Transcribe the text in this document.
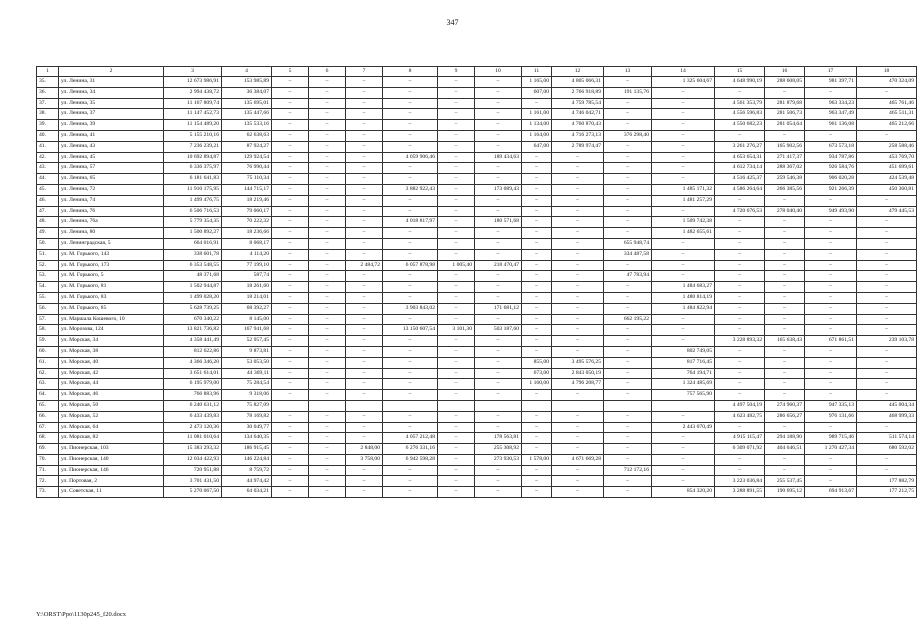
347
1	2	3	4	5	6	7	8	9	10	11	12	13	14	15	16	17	18
35.	ул. Ленина, 31	12 673 986,91	153 985,89	–	–	–	–	–	–	1 165,00	4 805 066,31	–	1 325 604,67	4 648 990,19	288 608,05	981 397,71	470 324,09
36.	ул. Ленина, 34	2 994 438,72	36 384,07	–	–	–	–	–	–	607,00	2 766 918,89	191 135,76	–	–	–	–	–
37.	ул. Ленина, 35	11 167 809,74	135 695,01	–	–	–	–	–	–	–	4 759 785,54	–	–	4 561 353,79	281 879,68	963 334,23	465 761,46
38.	ул. Ленина, 37	11 147 452,73	135 447,66	–	–	–	–	–	–	1 161,00	4 746 042,71	–	–	4 556 596,83	281 506,73	963 347,49	465 511,31
39.	ул. Ленина, 39	11 154 489,20	135 533,16	–	–	–	–	–	–	1 134,00	4 760 870,43	–	–	4 550 682,23	281 054,64	961 136,08	465 212,66
40.	ул. Ленина, 41	5 155 210,16	62 638,63	–	–	–	–	–	–	1 164,00	4 716 273,13	376 298,40	–	–	–	–	–
41.	ул. Ленина, 43	7 236 239,21	87 924,27	–	–	–	–	–	–	647,00	2 789 974,47	–	–	3 261 276,27	165 902,56	673 573,18	258 588,46
42.	ул. Ленина, 45	10 692 894,87	129 924,54	–	–	–	4 059 906,46	–	189 434,63	–	–	–	–	4 653 654,31	271 417,37	934 787,86	453 769,70
43.	ул. Ленина, 57	6 336 375,97	76 990,44	–	–	–	–	–	–	–	–	–	–	4 612 734,14	288 367,02	926 584,76	451 699,61
44.	ул. Ленина, 65	6 181 641,83	75 110,34	–	–	–	–	–	–	–	–	–	–	4 516 425,37	259 546,38	906 020,28	424 539,48
45.	ул. Ленина, 72	11 910 175,95	144 715,17	–	–	–	3 882 922,43	–	173 089,43	–	–	–	1 485 171,32	4 586 264,64	266 385,56	921 266,39	450 360,81
46.	ул. Ленина, 74	1 499 476,75	18 219,46	–	–	–	–	–	–	–	–	–	1 481 257,29	–	–	–	–
47.	ул. Ленина, 76	6 506 716,53	79 060,17	–	–	–	–	–	–	–	–	–	–	4 720 676,53	278 040,40	949 493,90	479 445,53
48.	ул. Ленина, 76а	5 779 354,35	70 222,32	–	–	–	4 018 817,97	–	180 571,68	–	–	–	1 509 742,38	–	–	–	–
49.	ул. Ленина, 80	1 500 892,27	18 236,66	–	–	–	–	–	–	–	–	–	1 482 655,61	–	–	–	–
50.	ул. Ленинградская, 5	664 016,91	8 068,17	–	–	–	–	–	–	–	–	655 948,74	–	–	–	–	–
51.	ул. М. Горького, 143	338 601,78	4 114,20	–	–	–	–	–	–	–	–	334 487,58	–	–	–	–	–
52.	ул. М. Горького, 173	6 353 548,55	77 199,10	–	–	2 484,72	6 057 878,98	1 005,40	218 470,47	–	–	–	–	–	–	–	–
53.	ул. М. Горького, 5	48 371,68	587,74	–	–	–	–	–	–	–	–	47 783,94	–	–	–	–	–
54.	ул. М. Горького, 81	1 502 944,87	18 261,60	–	–	–	–	–	–	–	–	–	1 484 683,27	–	–	–	–
55.	ул. М. Горького, 83	1 499 028,20	18 214,01	–	–	–	–	–	–	–	–	–	1 480 814,19	–	–	–	–
56.	ул. М. Горького, 85	5 628 739,25	68 392,27	–	–	–	3 903 843,02	–	171 681,12	–	–	–	1 484 822,94	–	–	–	–
57.	ул. Маршала Кошевого, 10	670 340,22	8 145,00	–	–	–	–	–	–	–	–	662 195,22	–	–	–	–	–
58.	ул. Морозова, 124	13 821 736,82	167 941,68	–	–	–	13 150 607,54	3 101,30	503 187,60	–	–	–	–	–	–	–	–
59.	ул. Морская, 34	4 358 441,49	52 957,45	–	–	–	–	–	–	–	–	–	–	3 228 893,32	165 638,43	671 861,51	239 103,78
60.	ул. Морская, 38	812 622,86	9 873,81	–	–	–	–	–	–	–	–	–	802 749,05	–	–	–	–
61.	ул. Морская, 40	4 366 346,20	53 053,50	–	–	–	–	–	–	855,00	3 495 576,25	–	817 716,45	–	–	–	–
62.	ул. Морская, 42	3 651 614,01	44 369,11	–	–	–	–	–	–	673,00	2 843 050,19	–	764 194,71	–	–	–	–
63.	ул. Морская, 44	6 195 979,00	75 284,54	–	–	–	–	–	–	1 160,00	4 796 208,77	–	1 324 485,69	–	–	–	–
64.	ул. Морская, 46	766 883,96	9 318,06	–	–	–	–	–	–	–	–	–	757 565,90	–	–	–	–
65.	ул. Морская, 50	6 240 631,12	75 827,09											4 497 504,19	274 960,37	947 335,13	445 004,34
66.	ул. Морская, 52	6 433 439,83	78 169,82	–	–	–	–	–	–	–	–	–	–	4 623 482,75	286 656,27	976 131,66	468 999,33
67.	ул. Морская, 64	2 473 120,36	30 049,77	–	–	–	–	–	–	–	–	–	2 443 070,49	–	–	–	–
68.	ул. Морская, 82	11 081 010,64	134 640,35	–	–	–	4 057 212,48	–	178 563,81	–	–	–	–	4 915 115,47	294 188,90	989 715,46	511 574,14
69.	ул. Пионерская, 103	15 383 293,32	186 915,45	–	–	2 848,00	6 276 331,16	–	255 308,92	–	–	–	–	6 309 071,92	404 646,51	1 270 427,34	680 592,02
70.	ул. Пионерская, 140	12 034 422,93	146 224,84	–	–	3 758,00	6 942 598,28	–	273 930,53	1 578,00	4 671 669,28	–	–	–	–	–	–
71.	ул. Пионерская, 146	720 951,88	8 759,72	–	–	–	–	–	–	–	–	712 172,16	–	–	–	–	–
72.	ул. Портовая, 2	3 701 431,50	44 974,42	–	–	–	–	–	–	–	–	–	–	3 223 036,84	255 537,45	–	177 882,79
73.	ул. Советская, 11	5 270 067,50	64 034,21	–	–	–	–	–	–	–	–	–	854 320,20	3 288 891,55	190 695,12	694 913,67	177 212,75
Y:\ORST\Ppo\1130p245_f20.docx
